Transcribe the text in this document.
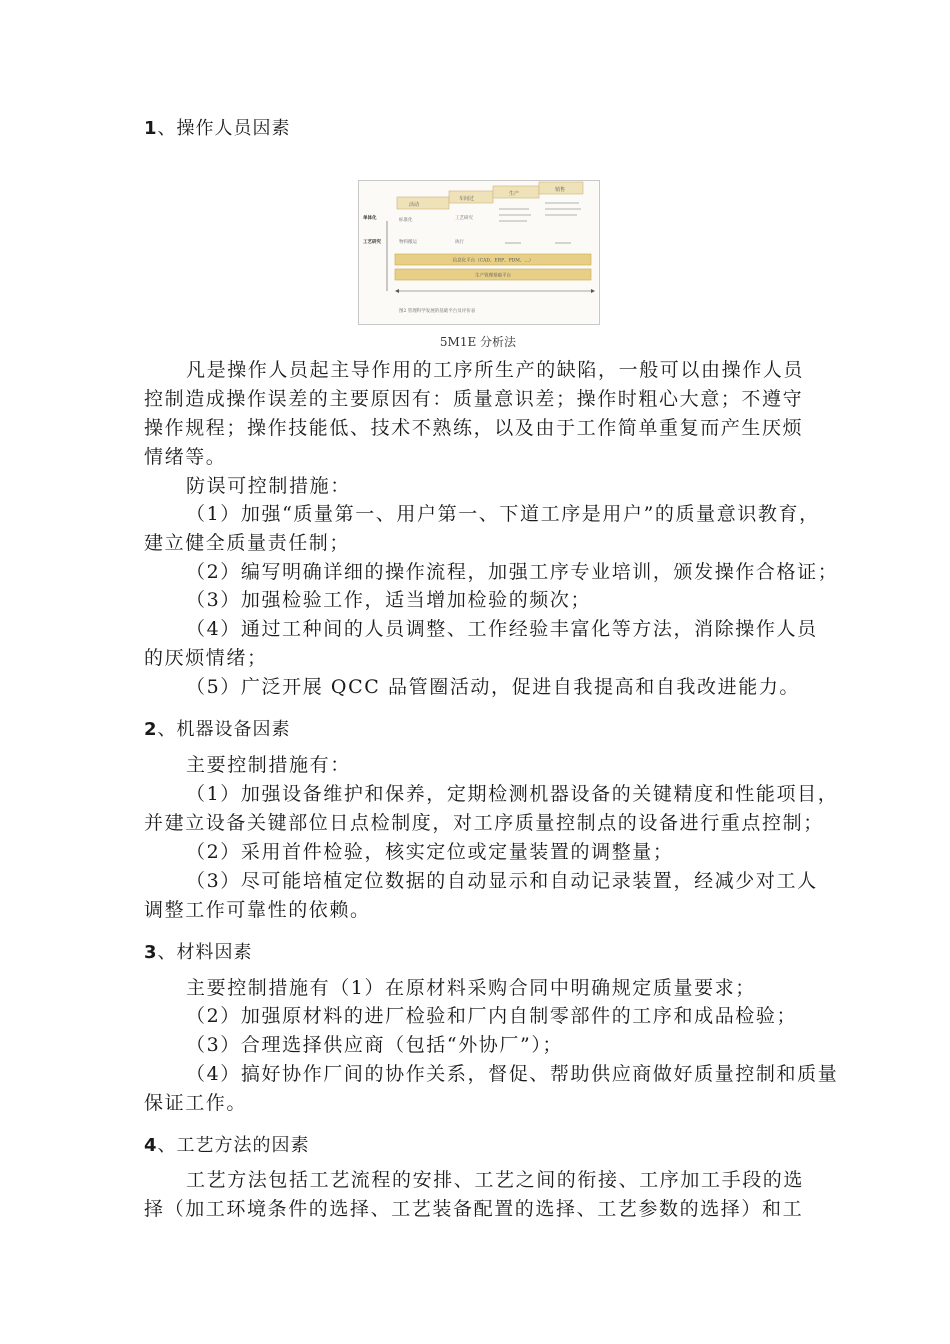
1、操作人员因素
活动
车间过
生产
销售
单体化
工艺研究
标准化	工艺研究
物料搬运	执行
信息化平台（CAD、ERP、PDM、…）
生产管理基础平台
图2 管理科学发展的基础平台及评价表
5M1E 分析法
凡是操作人员起主导作用的工序所生产的缺陷，一般可以由操作人员
控制造成操作误差的主要原因有：质量意识差；操作时粗心大意；不遵守
操作规程；操作技能低、技术不熟练，以及由于工作简单重复而产生厌烦
情绪等。
防误可控制措施：
（1）加强“质量第一、用户第一、下道工序是用户”的质量意识教育，
建立健全质量责任制；
（2）编写明确详细的操作流程，加强工序专业培训，颁发操作合格证；
（3）加强检验工作，适当增加检验的频次；
（4）通过工种间的人员调整、工作经验丰富化等方法，消除操作人员
的厌烦情绪；
（5）广泛开展 QCC 品管圈活动，促进自我提高和自我改进能力。
2、机器设备因素
主要控制措施有：
（1）加强设备维护和保养，定期检测机器设备的关键精度和性能项目，
并建立设备关键部位日点检制度，对工序质量控制点的设备进行重点控制；
（2）采用首件检验，核实定位或定量装置的调整量；
（3）尽可能培植定位数据的自动显示和自动记录装置，经减少对工人
调整工作可靠性的依赖。
3、材料因素
主要控制措施有（1）在原材料采购合同中明确规定质量要求；
（2）加强原材料的进厂检验和厂内自制零部件的工序和成品检验；
（3）合理选择供应商（包括“外协厂”）；
（4）搞好协作厂间的协作关系，督促、帮助供应商做好质量控制和质量
保证工作。
4、工艺方法的因素
工艺方法包括工艺流程的安排、工艺之间的衔接、工序加工手段的选
择（加工环境条件的选择、工艺装备配置的选择、工艺参数的选择）和工
